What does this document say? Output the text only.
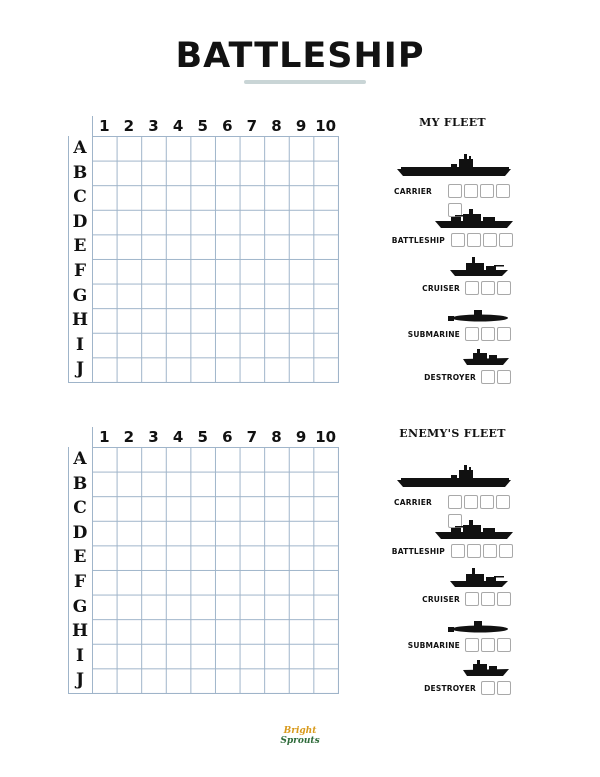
BATTLESHIP
1 2 3 4 5 6 7 8 9 10
A
B
C
D
E
F
G
H
I
J
1 2 3 4 5 6 7 8 9 10
A
B
C
D
E
F
G
H
I
J
MY FLEET
CARRIER
BATTLESHIP
CRUISER
SUBMARINE
DESTROYER
ENEMY'S FLEET
CARRIER
BATTLESHIP
CRUISER
SUBMARINE
DESTROYER
Bright
Sprouts
